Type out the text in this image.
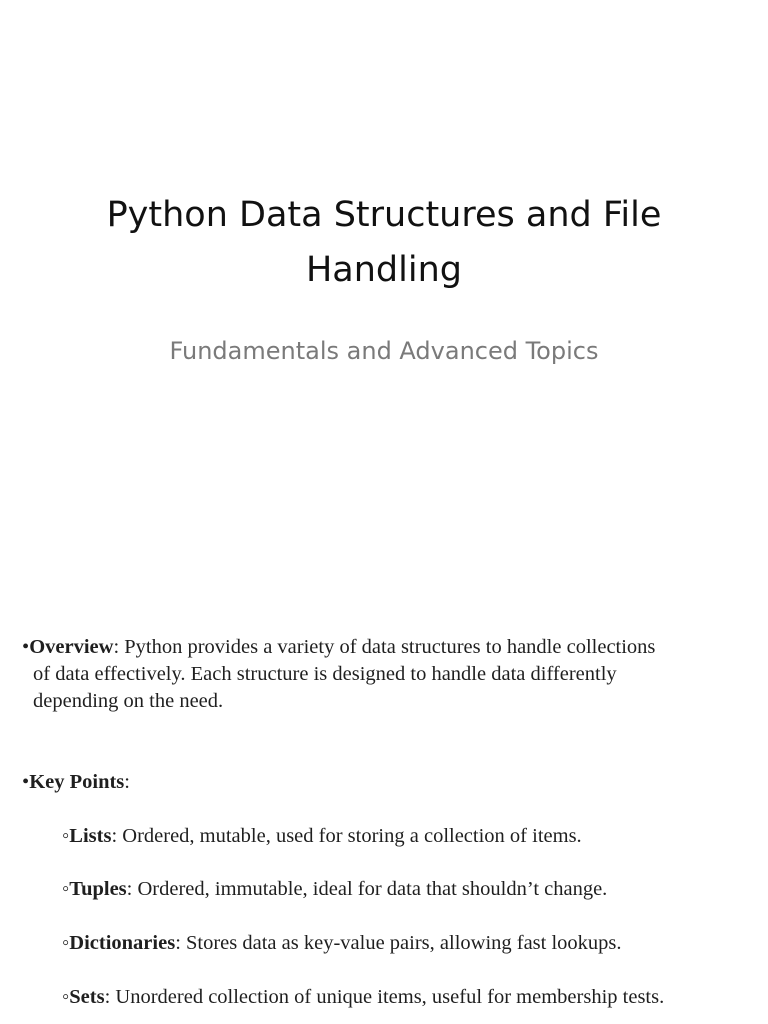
Python Data Structures and File
Handling
Fundamentals and Advanced Topics
•Overview: Python provides a variety of data structures to handle collections
of data effectively. Each structure is designed to handle data differently
depending on the need.
•Key Points:
◦Lists: Ordered, mutable, used for storing a collection of items.
◦Tuples: Ordered, immutable, ideal for data that shouldn’t change.
◦Dictionaries: Stores data as key-value pairs, allowing fast lookups.
◦Sets: Unordered collection of unique items, useful for membership tests.
